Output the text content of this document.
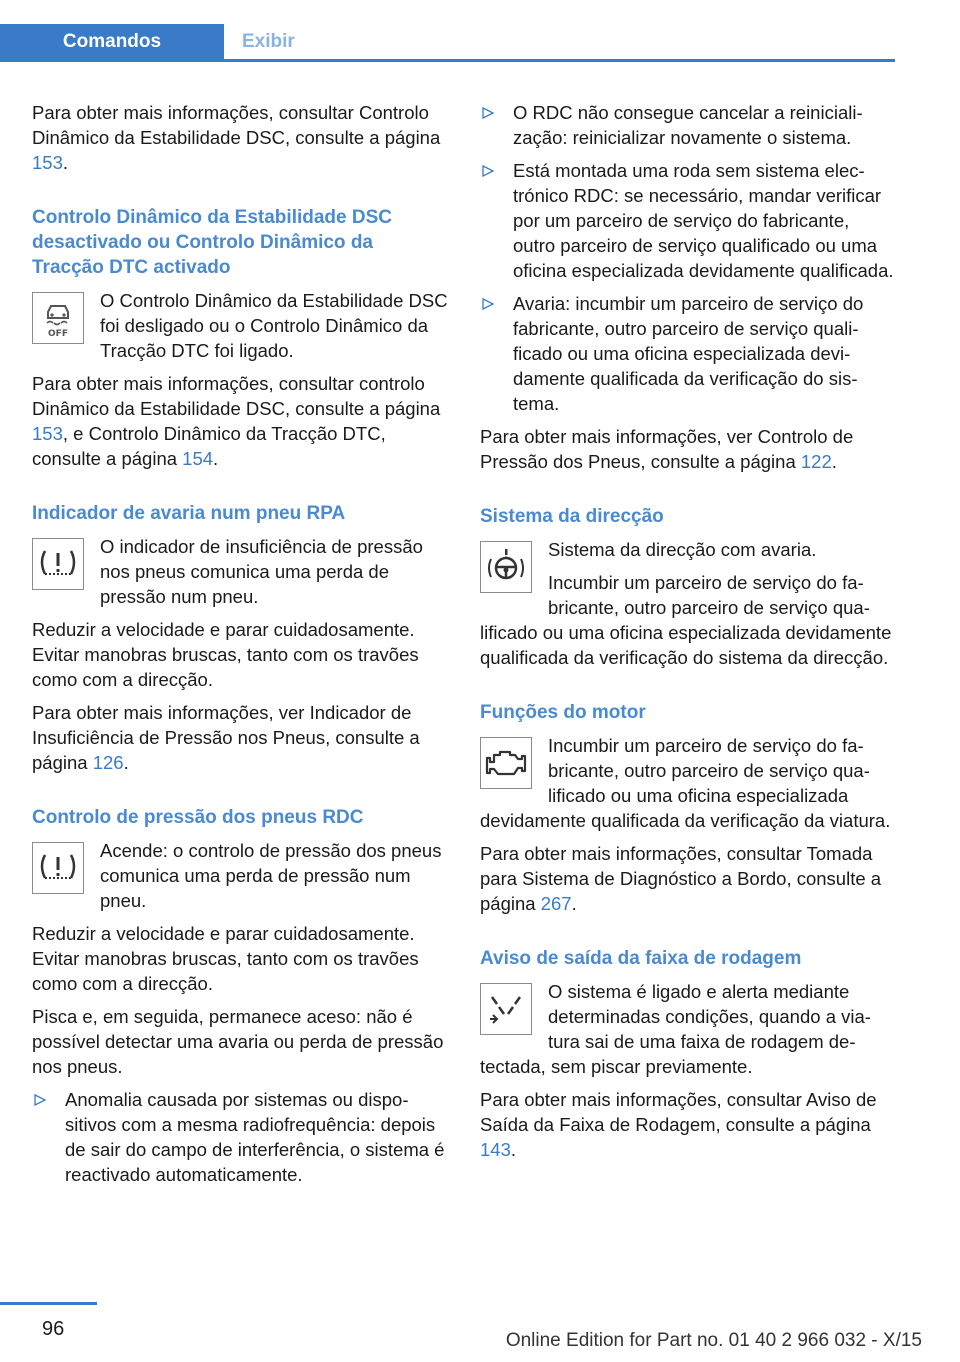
Comandos	Exibir

Para obter mais informações, consultar Controlo Dinâmico da Estabilidade DSC, consulte a página 153.

Controlo Dinâmico da Estabilidade DSC desactivado ou Controlo Dinâmico da Tracção DTC activado
OFF

O Controlo Dinâmico da Estabilidade DSC foi desligado ou o Controlo Dinâmico da Tracção DTC foi ligado.

Para obter mais informações, consultar controlo Dinâmico da Estabilidade DSC, consulte a página 153, e Controlo Dinâmico da Tracção DTC, consulte a página 154.

Indicador de avaria num pneu RPA

O indicador de insuficiência de pressão nos pneus comunica uma perda de pressão num pneu.

Reduzir a velocidade e parar cuidadosamente. Evitar manobras bruscas, tanto com os travões como com a direcção.

Para obter mais informações, ver Indicador de Insuficiência de Pressão nos Pneus, consulte a página 126.

Controlo de pressão dos pneus RDC

Acende: o controlo de pressão dos pneus comunica uma perda de pressão num pneu.

Reduzir a velocidade e parar cuidadosamente. Evitar manobras bruscas, tanto com os travões como com a direcção.

Pisca e, em seguida, permanece aceso: não é possível detectar uma avaria ou perda de pressão nos pneus.

Anomalia causada por sistemas ou dispositivos com a mesma radiofrequência: depois de sair do campo de interferência, o sistema é reactivado automaticamente.
O RDC não consegue cancelar a reinicialização: reinicializar novamente o sistema.
Está montada uma roda sem sistema electrónico RDC: se necessário, mandar verificar por um parceiro de serviço do fabricante, outro parceiro de serviço qualificado ou uma oficina especializada devidamente qualificada.
Avaria: incumbir um parceiro de serviço do fabricante, outro parceiro de serviço qualificado ou uma oficina especializada devidamente qualificada da verificação do sistema.

Para obter mais informações, ver Controlo de Pressão dos Pneus, consulte a página 122.

Sistema da direcção

Sistema da direcção com avaria.

Incumbir um parceiro de serviço do fabricante, outro parceiro de serviço qualificado ou uma oficina especializada devidamente qualificada da verificação do sistema da direcção.

Funções do motor

Incumbir um parceiro de serviço do fabricante, outro parceiro de serviço qualificado ou uma oficina especializada devidamente qualificada da verificação da viatura.

Para obter mais informações, consultar Tomada para Sistema de Diagnóstico a Bordo, consulte a página 267.

Aviso de saída da faixa de rodagem

O sistema é ligado e alerta mediante determinadas condições, quando a viatura sai de uma faixa de rodagem detectada, sem piscar previamente.

Para obter mais informações, consultar Aviso de Saída da Faixa de Rodagem, consulte a página 143.

96
Online Edition for Part no. 01 40 2 966 032 - X/15
